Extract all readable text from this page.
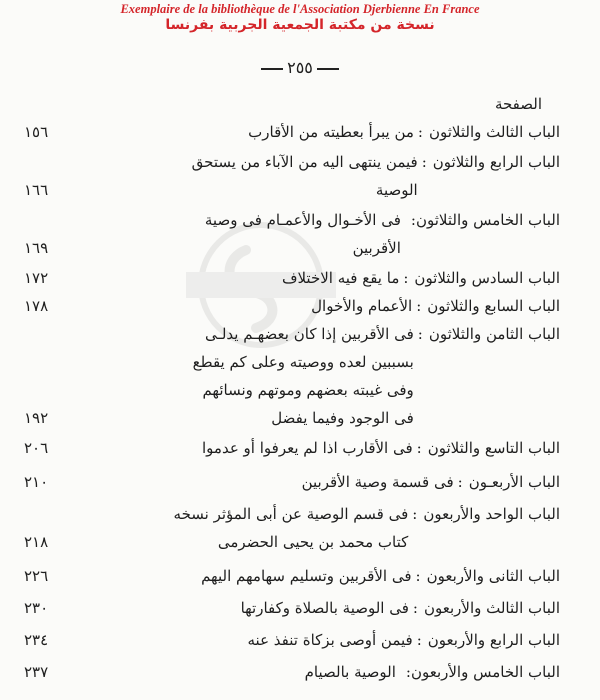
Exemplaire de la bibliothèque de l'Association Djerbienne En France
نسخة من مكتبة الجمعية الجربية بفرنسا
٢٥٥
الصفحة
الباب الثالث والثلاثون
:
من يبرأ بعطيته من الأقارب
١٥٦
الباب الرابع والثلاثون
:
فيمن ينتهى اليه من الآباء من يستحق
الوصية
١٦٦
الباب الخامس والثلاثون:
فى الأخـوال والأعمـام فى وصية
الأقربين
١٦٩
الباب السادس والثلاثون
:
ما يقع فيه الاختلاف
١٧٢
الباب السابع والثلاثون
:
الأعمام والأخوال
١٧٨
الباب الثامن والثلاثون
:
فى الأقربين إذا كان بعضهـم يدلـى
بسببين لعده ووصيته وعلى كم يقطع
وفى غيبته بعضهم وموتهم ونسائهم
فى الوجود وفيما يفضل
١٩٢
الباب التاسع والثلاثون
:
فى الأقارب اذا لم يعرفوا أو عدموا
٢٠٦
الباب الأربعـون
:
فى قسمة وصية الأقربين
٢١٠
الباب الواحد والأربعون
:
فى قسم الوصية عن أبى المؤثر نسخه
كتاب محمد بن يحيى الحضرمى
٢١٨
الباب الثانى والأربعون
:
فى الأقربين وتسليم سهامهم اليهم
٢٢٦
الباب الثالث والأربعون
:
فى الوصية بالصلاة وكفارتها
٢٣٠
الباب الرابع والأربعون
:
فيمن أوصى بزكاة تنفذ عنه
٢٣٤
الباب الخامس والأربعون:
الوصية بالصيام
٢٣٧
